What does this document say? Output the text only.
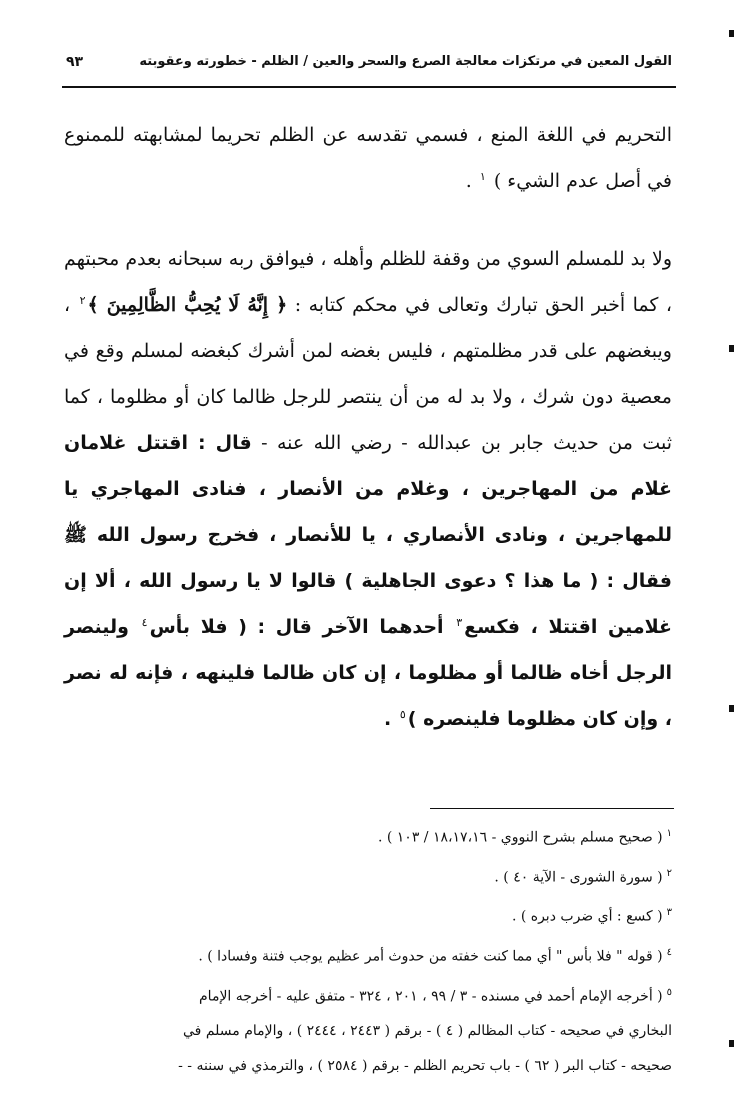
القول المعين في مرتكزات معالجة الصرع والسحر والعين / الظلم - خطورته وعقوبته
٩٣
التحريم في اللغة المنع ، فسمي تقدسه عن الظلم تحريما لمشابهته للممنوع في أصل عدم الشيء ) $^١$ .
ولا بد للمسلم السوي من وقفة للظلم وأهله ، فيوافق ربه سبحانه بعدم محبتهم ، كما أخبر الحق تبارك وتعالى في محكم كتابه : ﴿ إِنَّهُ لَا يُحِبُّ الظَّالِمِينَ ﴾$^٢$ ، ويبغضهم على قدر مظلمتهم ، فليس بغضه لمن أشرك كبغضه لمسلم وقع في معصية دون شرك ، ولا بد له من أن ينتصر للرجل ظالما كان أو مظلوما ، كما ثبت من حديث جابر بن عبدالله - رضي الله عنه - قال : اقتتل غلامان غلام من المهاجرين ، وغلام من الأنصار ، فنادى المهاجري يا للمهاجرين ، ونادى الأنصاري ، يا للأنصار ، فخرج رسول الله ﷺ فقال : ( ما هذا ؟ دعوى الجاهلية ) قالوا لا يا رسول الله ، ألا إن غلامين اقتتلا ، فكسع$^٣$ أحدهما الآخر قال : ( فلا بأس$^٤$ ولينصر الرجل أخاه ظالما أو مظلوما ، إن كان ظالما فلينهه ، فإنه له نصر ، وإن كان مظلوما فلينصره )$^٥$ .
$^١$( صحيح مسلم بشرح النووي - ١٨،١٧،١٦ / ١٠٣ ) .
$^٢$( سورة الشورى - الآية ٤٠ ) .
$^٣$( كسع : أي ضرب دبره ) .
$^٤$( قوله " فلا بأس " أي مما كنت خفته من حدوث أمر عظيم يوجب فتنة وفسادا ) .
$^٥$( أخرجه الإمام أحمد في مسنده - ٣ / ٩٩ ، ٢٠١ ، ٣٢٤ - متفق عليه - أخرجه الإمام
البخاري في صحيحه - كتاب المظالم ( ٤ ) - برقم ( ٢٤٤٣ ، ٢٤٤٤ ) ، والإمام مسلم في
صحيحه - كتاب البر ( ٦٢ ) - باب تحريم الظلم - برقم ( ٢٥٨٤ ) ، والترمذي في سننه - -
